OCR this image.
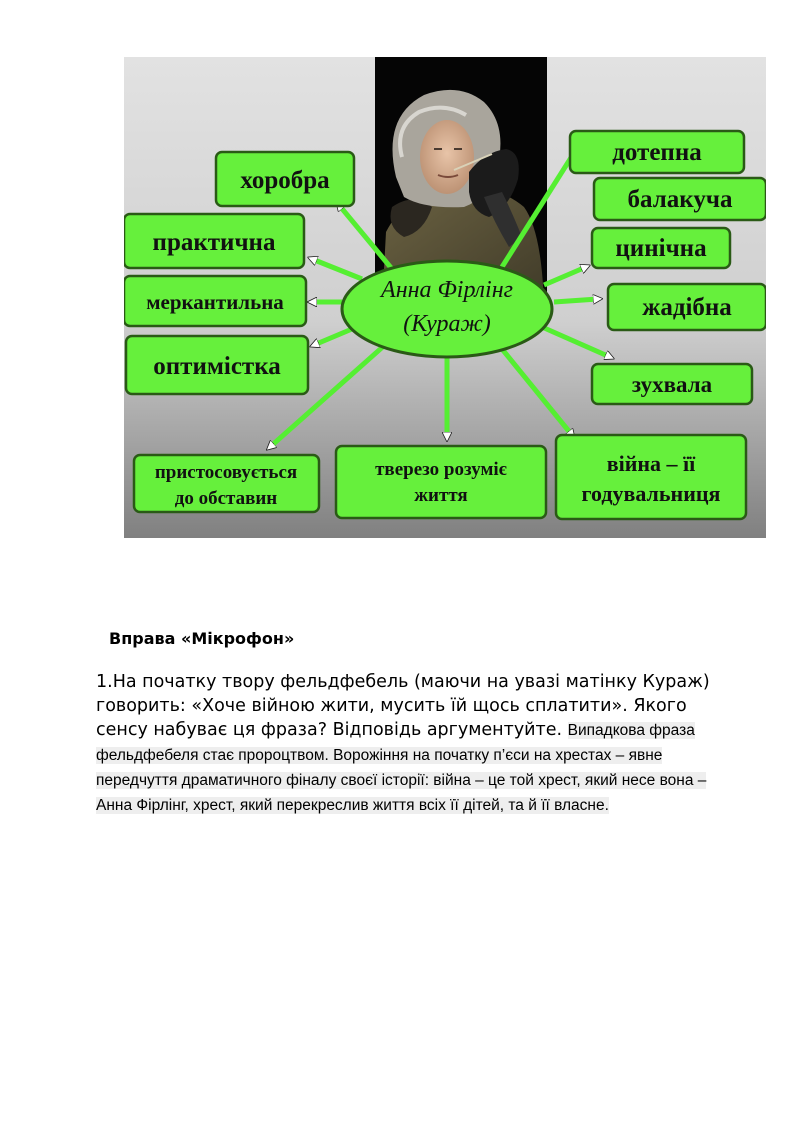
Анна Фірлінг
(Кураж)
хоробра
практична
меркантильна
оптимістка
пристосовується
до обставин
тверезо розуміє
життя
війна – її
годувальниця
дотепна
балакуча
цинічна
жадібна
зухвала
Вправа «Мікрофон»
1.На початку твору фельдфебель (маючи на увазі матінку Кураж) говорить: «Хоче війною жити, мусить їй щось сплатити». Якого сенсу набуває ця фраза? Відповідь аргументуйте. Випадкова фраза фельдфебеля стає пророцтвом. Ворожіння на початку п’єси на хрестах – явне передчуття драматичного фіналу своєї історії: війна – це той хрест, який несе вона – Анна Фірлінг, хрест, який перекреслив життя всіх її дітей, та й її власне.
